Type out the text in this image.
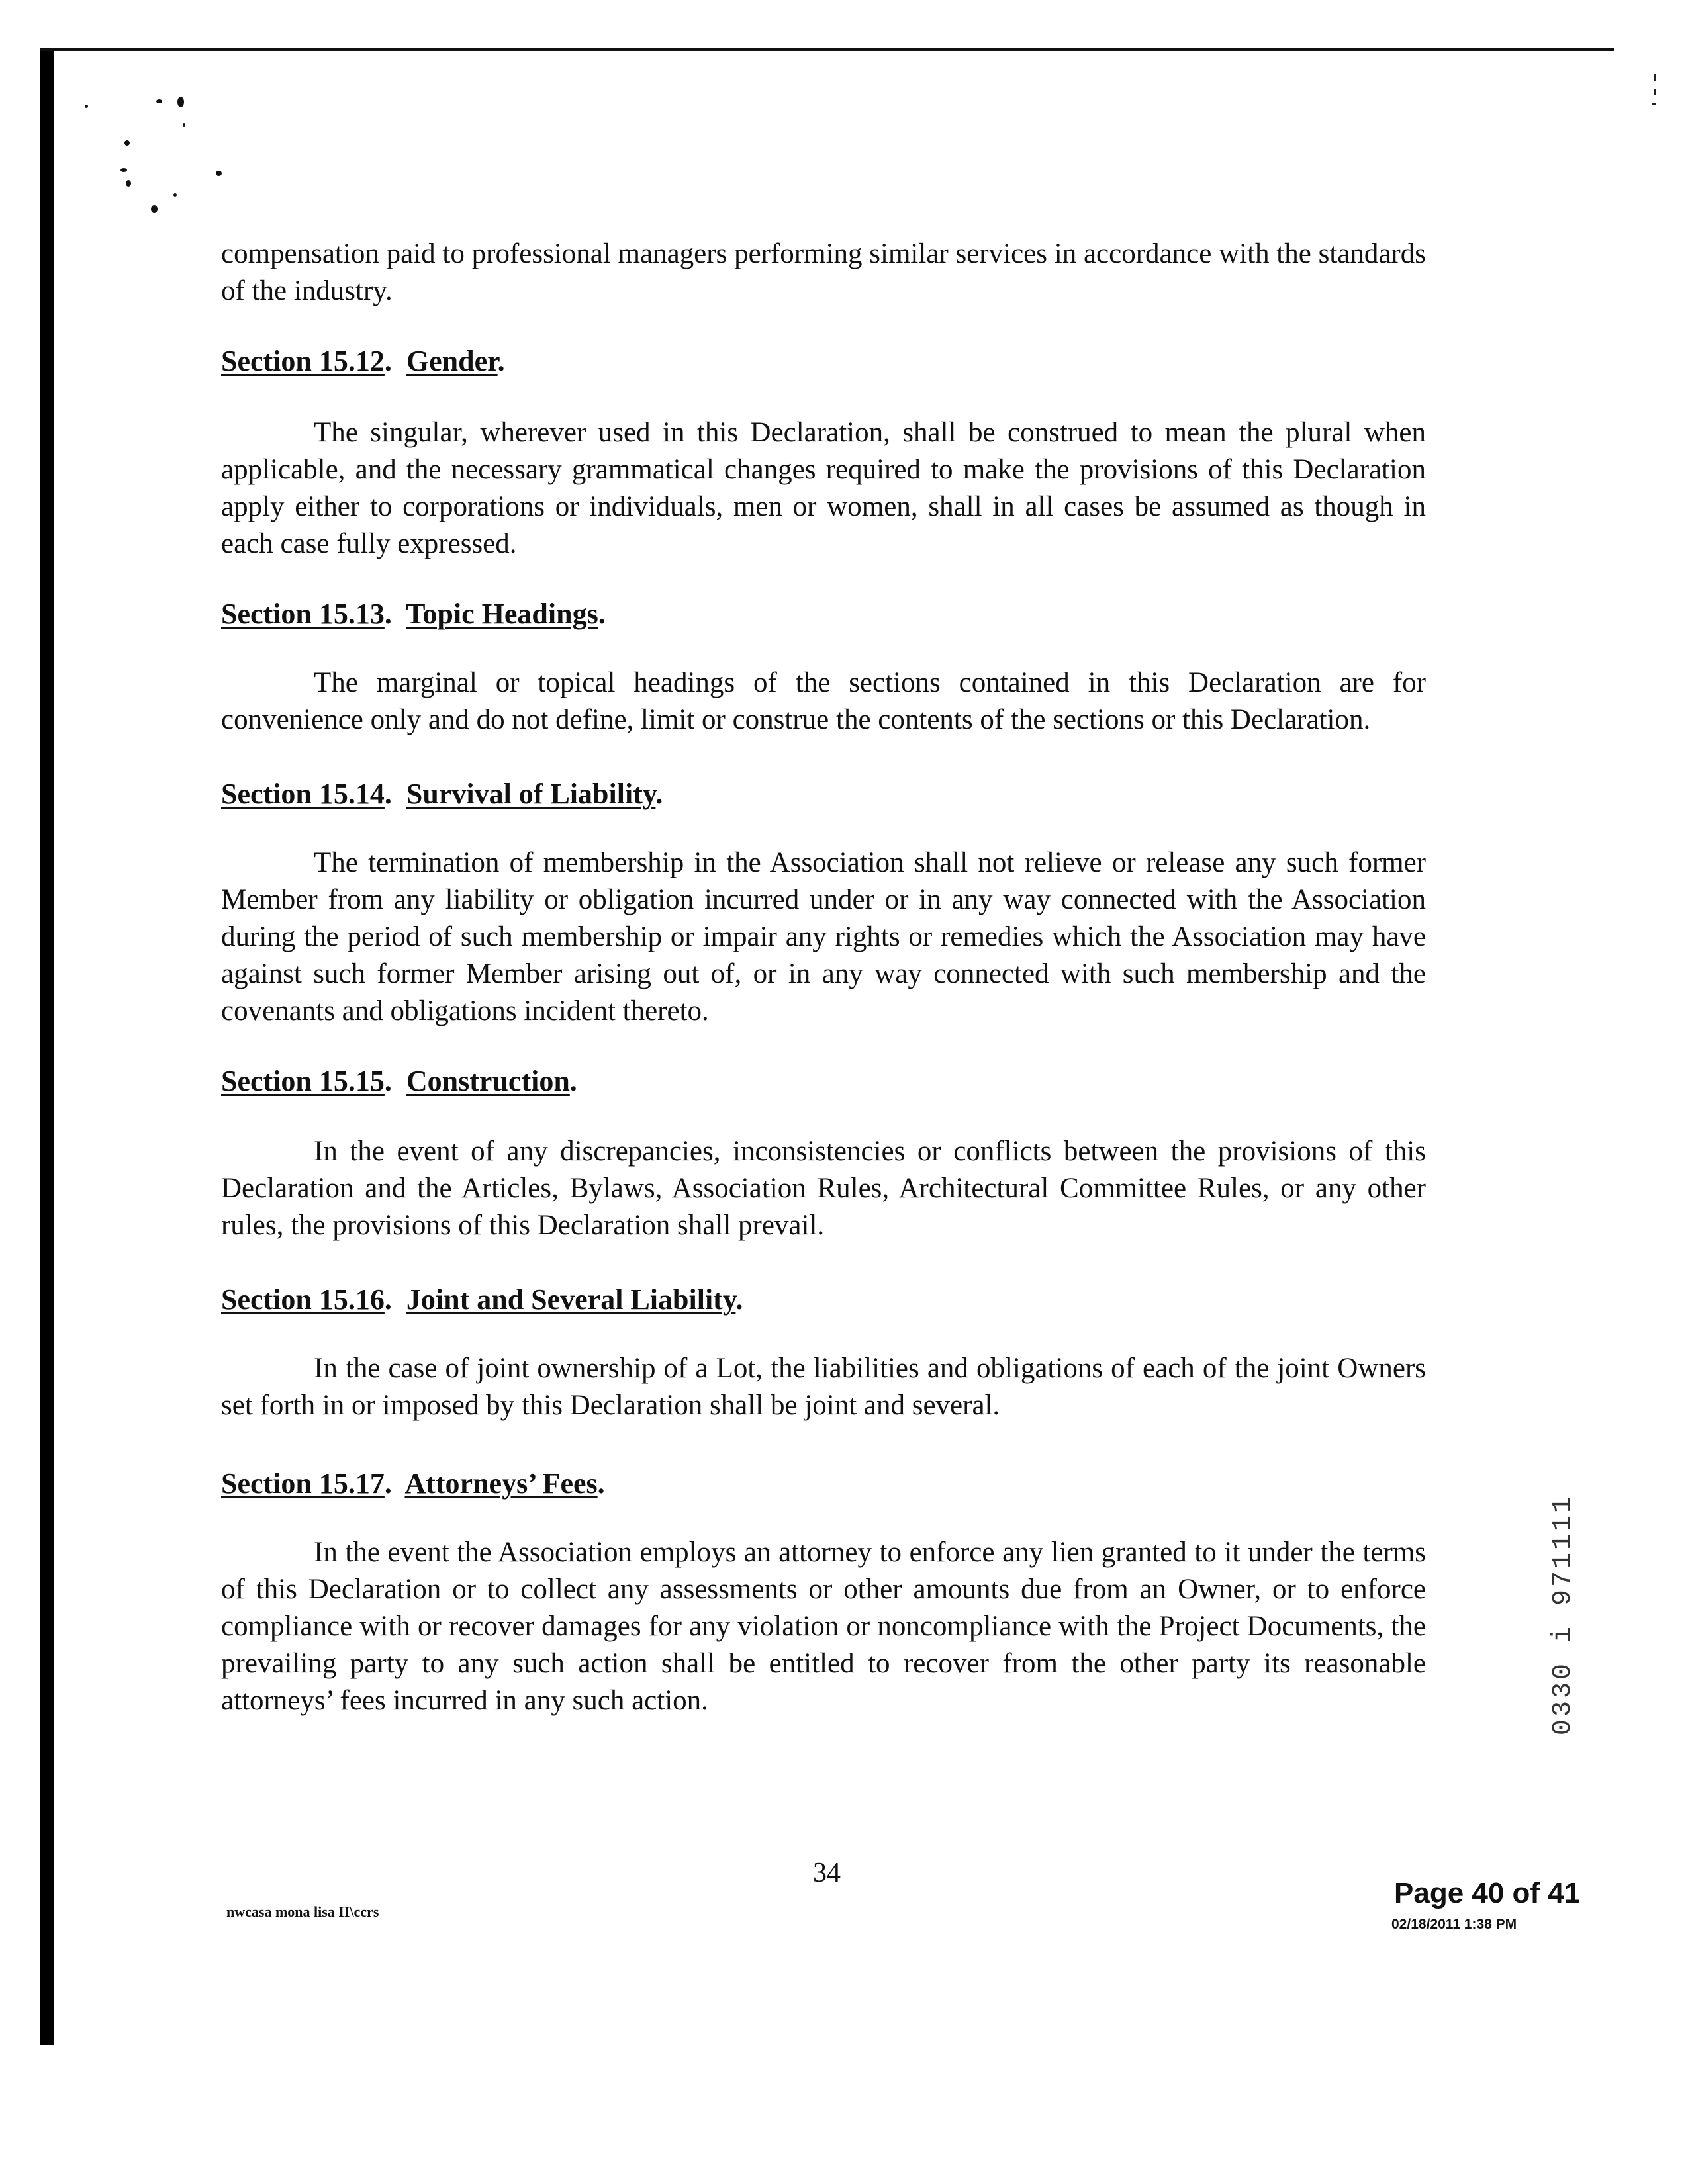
compensation paid to professional managers performing similar services in accordance with the standards of the industry.

Section 15.12.  Gender.

The singular, wherever used in this Declaration, shall be construed to mean the plural when applicable, and the necessary grammatical changes required to make the provisions of this Declaration apply either to corporations or individuals, men or women, shall in all cases be assumed as though in each case fully expressed.

Section 15.13.  Topic Headings.

The marginal or topical headings of the sections contained in this Declaration are for convenience only and do not define, limit or construe the contents of the sections or this Declaration.

Section 15.14.  Survival of Liability.

The termination of membership in the Association shall not relieve or release any such former Member from any liability or obligation incurred under or in any way connected with the Association during the period of such membership or impair any rights or remedies which the Association may have against such former Member arising out of, or in any way connected with such membership and the covenants and obligations incident thereto.

Section 15.15.  Construction.

In the event of any discrepancies, inconsistencies or conflicts between the provisions of this Declaration and the Articles, Bylaws, Association Rules, Architectural Committee Rules, or any other rules, the provisions of this Declaration shall prevail.

Section 15.16.  Joint and Several Liability.

In the case of joint ownership of a Lot, the liabilities and obligations of each of the joint Owners set forth in or imposed by this Declaration shall be joint and several.

Section 15.17.  Attorneys’ Fees.

In the event the Association employs an attorney to enforce any lien granted to it under the terms of this Declaration or to collect any assessments or other amounts due from an Owner, or to enforce compliance with or recover damages for any violation or noncompliance with the Project Documents, the prevailing party to any such action shall be entitled to recover from the other party its reasonable attorneys’ fees incurred in any such action.	0330 i 971111
nwcasa mona lisa II\ccrs
34
Page 40 of 41
02/18/2011 1:38 PM
